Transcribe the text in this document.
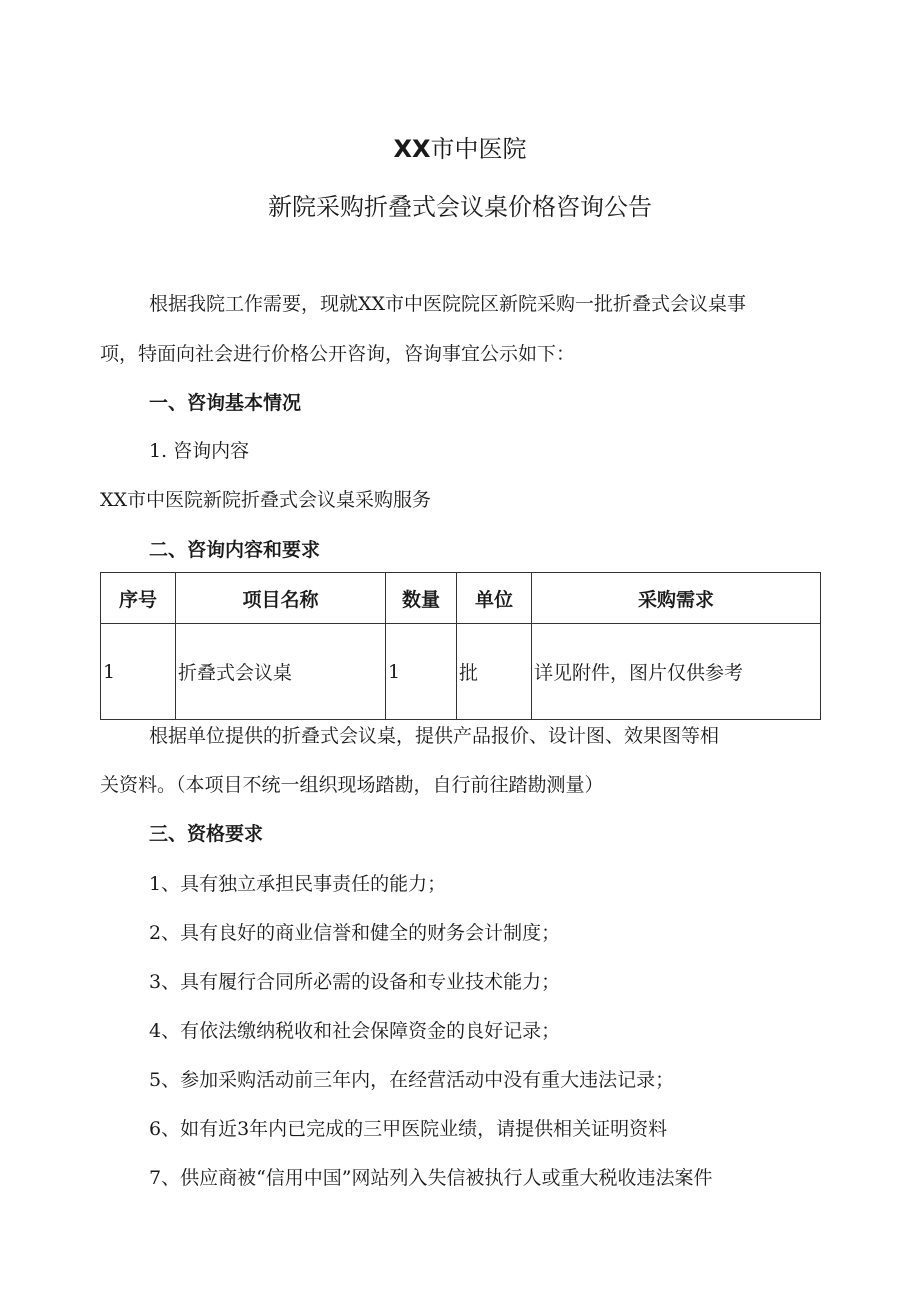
XX市中医院
新院采购折叠式会议桌价格咨询公告

根据我院工作需要，现就XX市中医院院区新院采购一批折叠式会议桌事

项，特面向社会进行价格公开咨询，咨询事宜公示如下：

一、咨询基本情况

1. 咨询内容

XX市中医院新院折叠式会议桌采购服务

二、咨询内容和要求

序号	项目名称	数量	单位	采购需求
1	折叠式会议桌	1	批	详见附件，图片仅供参考

根据单位提供的折叠式会议桌，提供产品报价、设计图、效果图等相

关资料。（本项目不统一组织现场踏勘，自行前往踏勘测量）

三、资格要求

1、具有独立承担民事责任的能力；

2、具有良好的商业信誉和健全的财务会计制度；

3、具有履行合同所必需的设备和专业技术能力；

4、有依法缴纳税收和社会保障资金的良好记录；

5、参加采购活动前三年内，在经营活动中没有重大违法记录；

6、如有近3年内已完成的三甲医院业绩，请提供相关证明资料

7、供应商被“信用中国”网站列入失信被执行人或重大税收违法案件
